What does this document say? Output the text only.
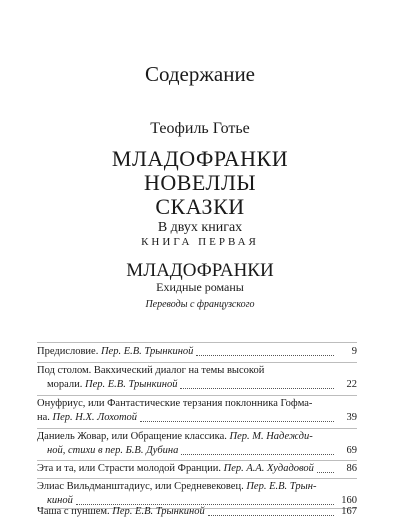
Содержание
Теофиль Готье
МЛАДОФРАНКИ
НОВЕЛЛЫ
СКАЗКИ
В двух книгах
КНИГА ПЕРВАЯ
МЛАДОФРАНКИ
Ехидные романы
Переводы с французского
Предисловие. Пер. Е.В. Трынкиной	9
Под столом. Вакхический диалог на темы высокой
морали. Пер. Е.В. Трынкиной	22
Онуфриус, или Фантастические терзания поклонника Гофма-
на. Пер. Н.Х. Лохотой	39
Даниель Жовар, или Обращение классика. Пер. М. Надежди-
ной, стихи в пер. Б.В. Дубина	69
Эта и та, или Страсти молодой Франции. Пер. А.А. Худадовой	86
Элиас Вильдманштадиус, или Средневековец. Пер. Е.В. Трын-
киной	160
Чаша с пуншем. Пер. Е.В. Трынкиной	167
